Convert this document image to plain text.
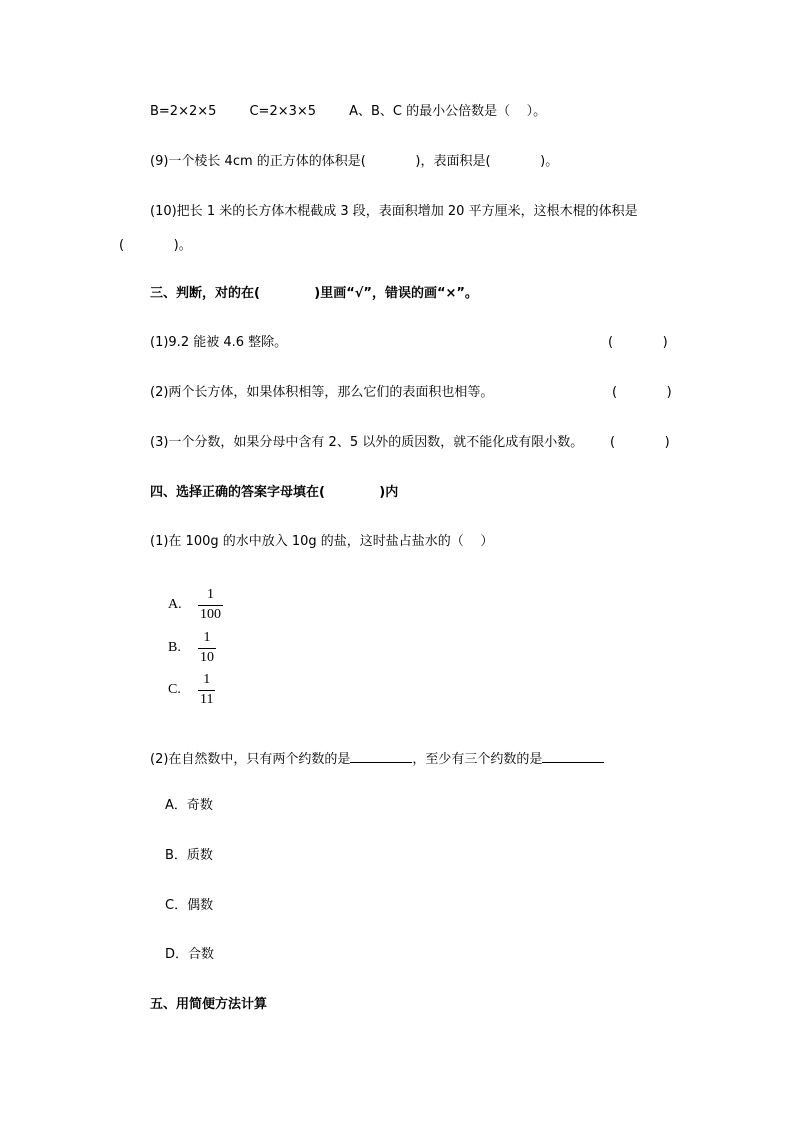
B=2×2×5        C=2×3×5        A、B、C 的最小公倍数是（    ）。
(9)一个棱长 4cm 的正方体的体积是(            )，表面积是(            )。
(10)把长 1 米的长方体木棍截成 3 段，表面积增加 20 平方厘米，这根木棍的体积是
(            )。
三、判断，对的在(            )里画“√”，错误的画“×”。
(1)9.2 能被 4.6 整除。	(            )
(2)两个长方体，如果体积相等，那么它们的表面积也相等。	(            )
(3)一个分数，如果分母中含有 2、5 以外的质因数，就不能化成有限小数。 (            )
四、选择正确的答案字母填在(            )内
(1)在 100g 的水中放入 10g 的盐，这时盐占盐水的（    ）
A.	$\frac{1}{100}$
B.	$\frac{1}{10}$
C.	$\frac{1}{11}$
(2)在自然数中，只有两个约数的是	，至少有三个约数的是
A．奇数
B．质数
C．偶数
D．合数
五、用简便方法计算
